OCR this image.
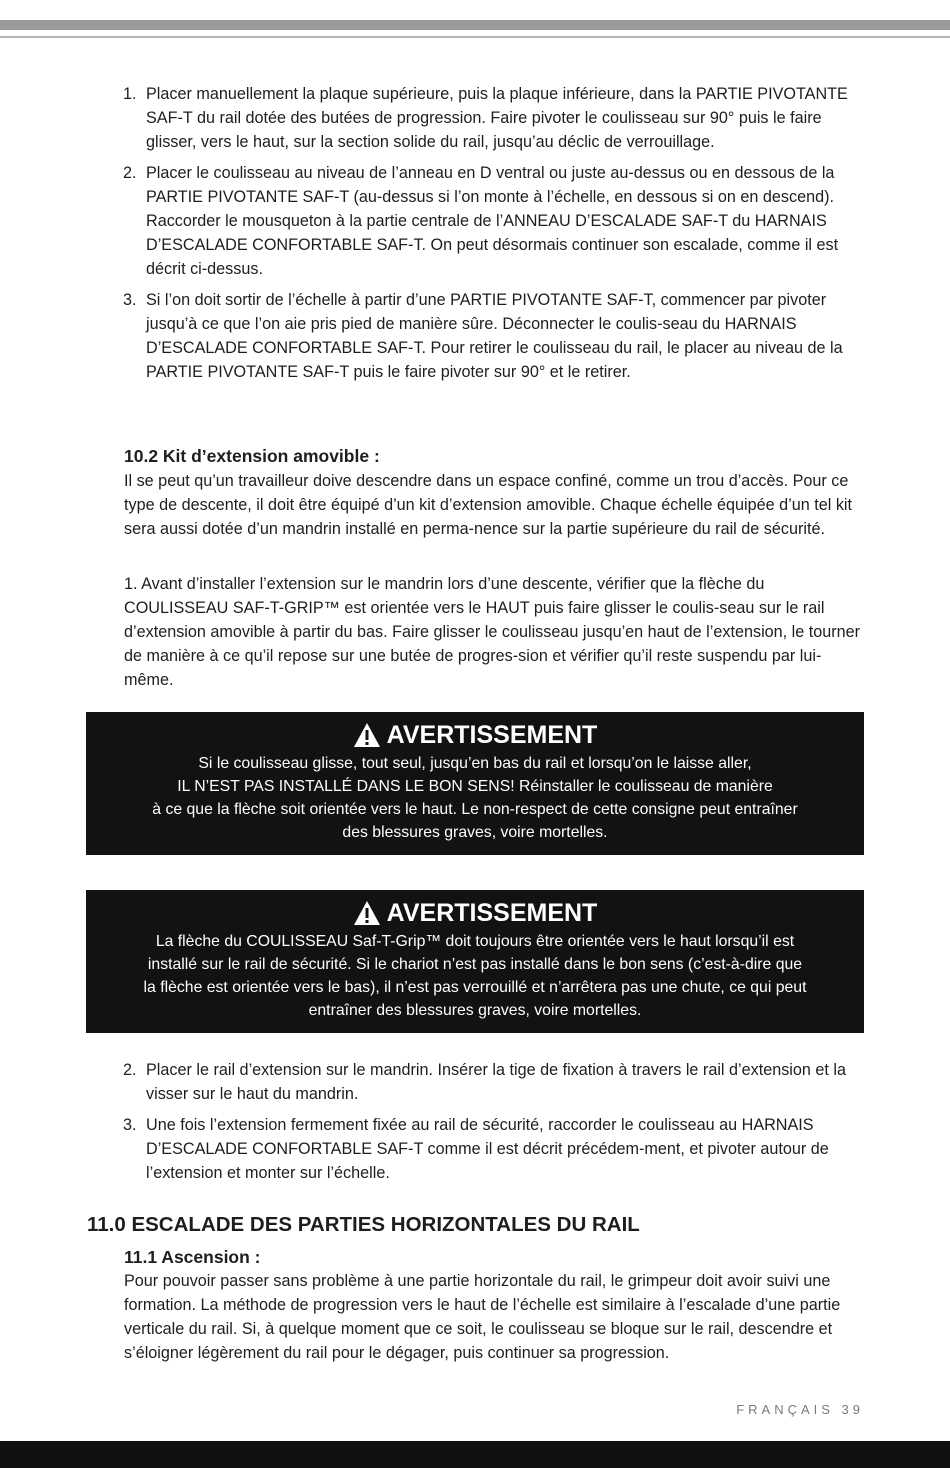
1. Placer manuellement la plaque supérieure, puis la plaque inférieure, dans la PARTIE PIVOTANTE SAF-T du rail dotée des butées de progression. Faire pivoter le coulisseau sur 90° puis le faire glisser, vers le haut, sur la section solide du rail, jusqu’au déclic de verrouillage.
2. Placer le coulisseau au niveau de l’anneau en D ventral ou juste au-dessus ou en dessous de la PARTIE PIVOTANTE SAF-T (au-dessus si l’on monte à l’échelle, en dessous si on en descend). Raccorder le mousqueton à la partie centrale de l’ANNEAU D’ESCALADE SAF-T du HARNAIS D’ESCALADE CONFORTABLE SAF-T. On peut désormais continuer son escalade, comme il est décrit ci-dessus.
3. Si l’on doit sortir de l’échelle à partir d’une PARTIE PIVOTANTE SAF-T, commencer par pivoter jusqu’à ce que l’on aie pris pied de manière sûre. Déconnecter le coulis-seau du HARNAIS D’ESCALADE CONFORTABLE SAF-T. Pour retirer le coulisseau du rail, le placer au niveau de la PARTIE PIVOTANTE SAF-T puis le faire pivoter sur 90° et le retirer.
10.2 Kit d’extension amovible :

Il se peut qu’un travailleur doive descendre dans un espace confiné, comme un trou d’accès. Pour ce type de descente, il doit être équipé d’un kit d’extension amovible. Chaque échelle équipée d’un tel kit sera aussi dotée d’un mandrin installé en perma-nence sur la partie supérieure du rail de sécurité.

1. Avant d’installer l’extension sur le mandrin lors d’une descente, vérifier que la flèche du COULISSEAU SAF-T-GRIP™ est orientée vers le HAUT puis faire glisser le coulis-seau sur le rail d’extension amovible à partir du bas. Faire glisser le coulisseau jusqu’en haut de l’extension, le tourner de manière à ce qu’il repose sur une butée de progres-sion et vérifier qu’il reste suspendu par lui-même.

AVERTISSEMENT
Si le coulisseau glisse, tout seul, jusqu’en bas du rail et lorsqu’on le laisse aller,
IL N’EST PAS INSTALLÉ DANS LE BON SENS! Réinstaller le coulisseau de manière
à ce que la flèche soit orientée vers le haut. Le non-respect de cette consigne peut entraîner
des blessures graves, voire mortelles.
AVERTISSEMENT
La flèche du COULISSEAU Saf-T-Grip™ doit toujours être orientée vers le haut lorsqu’il est
installé sur le rail de sécurité. Si le chariot n’est pas installé dans le bon sens (c’est-à-dire que
la flèche est orientée vers le bas), il n’est pas verrouillé et n’arrêtera pas une chute, ce qui peut
entraîner des blessures graves, voire mortelles.
2. Placer le rail d’extension sur le mandrin. Insérer la tige de fixation à travers le rail d’extension et la visser sur le haut du mandrin.
3. Une fois l’extension fermement fixée au rail de sécurité, raccorder le coulisseau au HARNAIS D’ESCALADE CONFORTABLE SAF-T comme il est décrit précédem-ment, et pivoter autour de l’extension et monter sur l’échelle.
11.0 ESCALADE DES PARTIES HORIZONTALES DU RAIL
11.1 Ascension :

Pour pouvoir passer sans problème à une partie horizontale du rail, le grimpeur doit avoir suivi une formation. La méthode de progression vers le haut de l’échelle est similaire à l’escalade d’une partie verticale du rail. Si, à quelque moment que ce soit, le coulisseau se bloque sur le rail, descendre et s’éloigner légèrement du rail pour le dégager, puis continuer sa progression.

FRANÇAIS 39
